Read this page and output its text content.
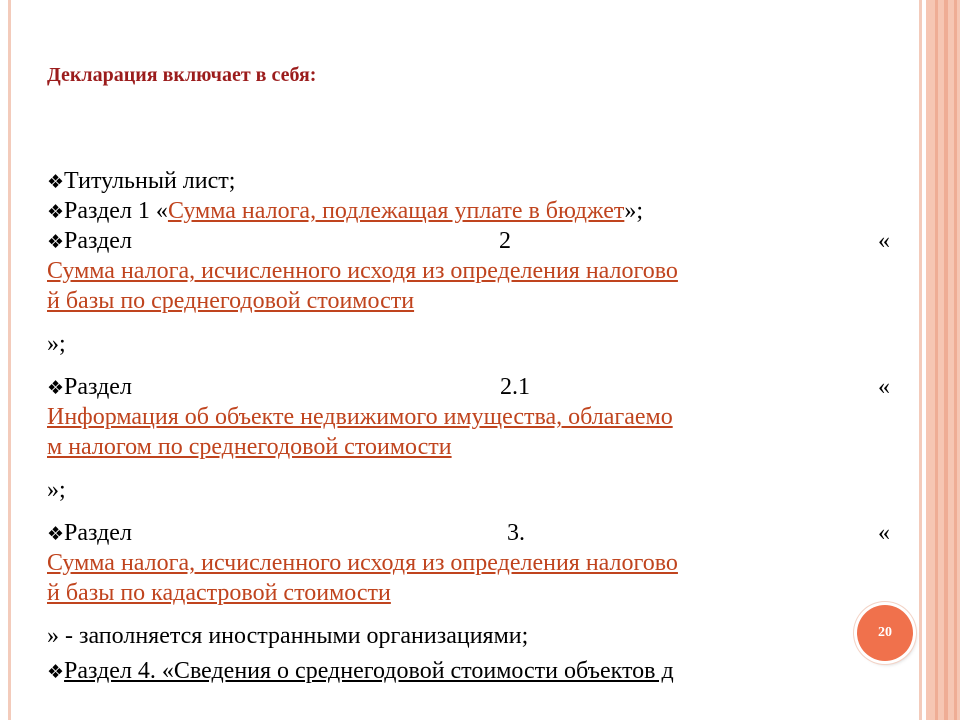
Декларация включает в себя:
❖Титульный лист;
❖Раздел 1 «Сумма налога, подлежащая уплате в бюджет»;
❖Раздел	2	«
Сумма налога, исчисленного исходя из определения налогово
й базы по среднегодовой стоимости
»;
❖Раздел	2.1	«
Информация об объекте недвижимого имущества, облагаемо
м налогом по среднегодовой стоимости
»;
❖Раздел	3.	«
Сумма налога, исчисленного исходя из определения налогово
й базы по кадастровой стоимости
» - заполняется иностранными организациями;
❖Раздел 4. «Сведения о среднегодовой стоимости объектов д
20
